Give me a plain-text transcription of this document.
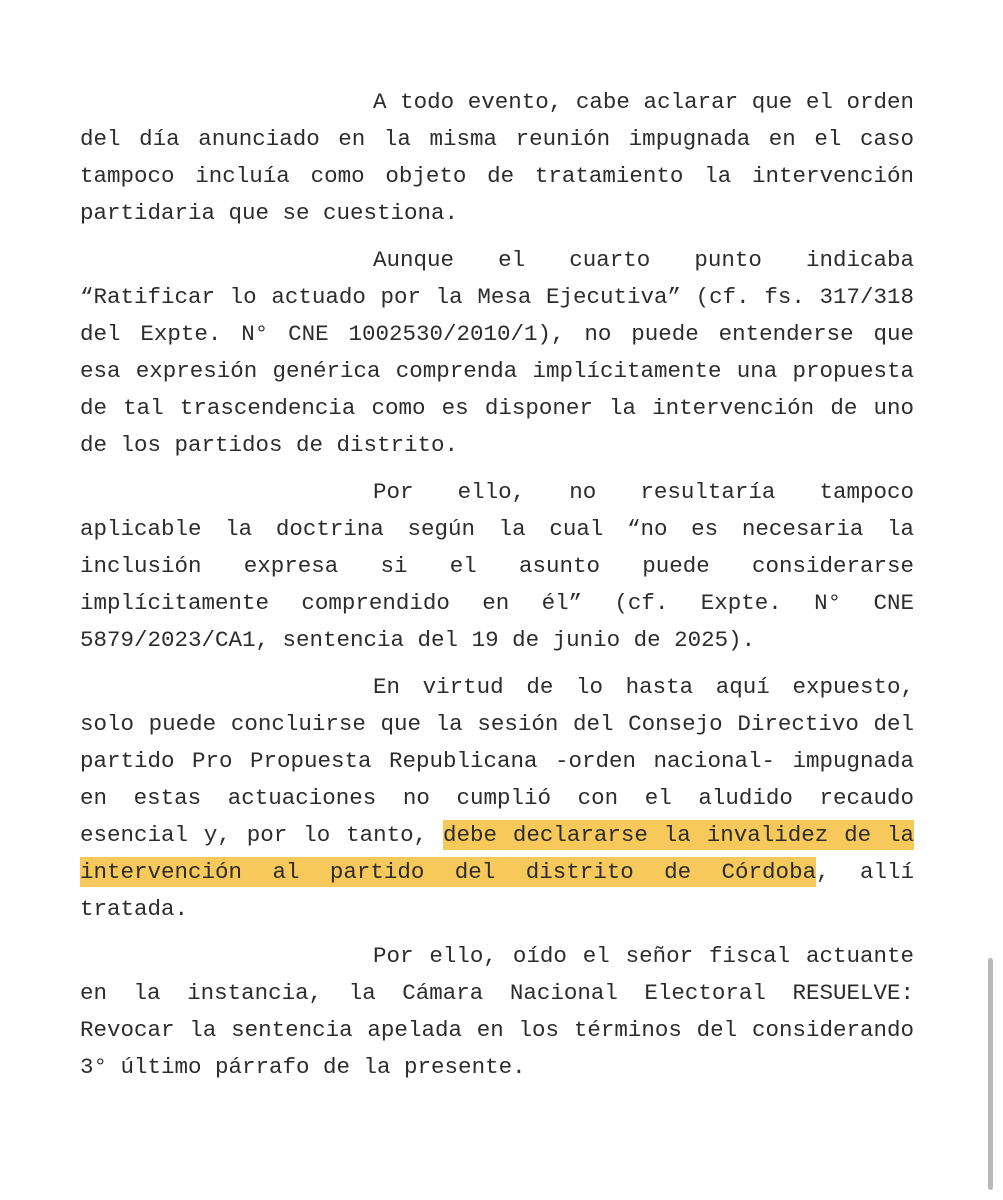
A todo evento, cabe aclarar que el orden del día anunciado en la misma reunión impugnada en el caso tampoco incluía como objeto de tratamiento la intervención partidaria que se cuestiona.

Aunque el cuarto punto indicaba “Ratificar lo actuado por la Mesa Ejecutiva” (cf. fs. 317/318 del Expte. N° CNE 1002530/2010/1), no puede entenderse que esa expresión genérica comprenda implícitamente una propuesta de tal trascendencia como es disponer la intervención de uno de los partidos de distrito.

Por ello, no resultaría tampoco aplicable la doctrina según la cual “no es necesaria la inclusión expresa si el asunto puede considerarse implícitamente comprendido en él” (cf. Expte. N° CNE 5879/2023/CA1, sentencia del 19 de junio de 2025).

En virtud de lo hasta aquí expuesto, solo puede concluirse que la sesión del Consejo Directivo del partido Pro Propuesta Republicana -orden nacional- impugnada en estas actuaciones no cumplió con el aludido recaudo esencial y, por lo tanto, debe declararse la invalidez de la intervención al partido del distrito de Córdoba, allí tratada.

Por ello, oído el señor fiscal actuante en la instancia, la Cámara Nacional Electoral RESUELVE: Revocar la sentencia apelada en los términos del considerando 3° último párrafo de la presente.
